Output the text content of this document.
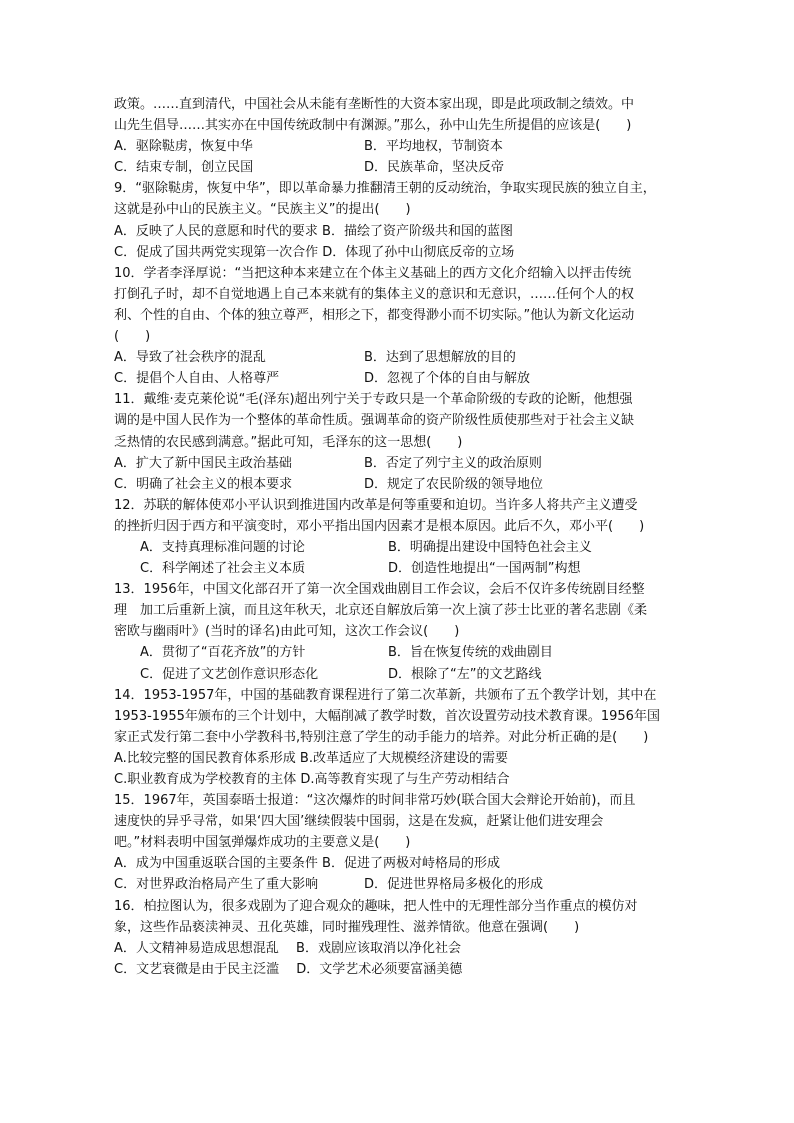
政策。……直到清代，中国社会从未能有垄断性的大资本家出现，即是此项政制之绩效。中
山先生倡导……其实亦在中国传统政制中有渊源。”那么，孙中山先生所提倡的应该是(　　)
A．驱除鞑虏，恢复中华	B．平均地权，节制资本
C．结束专制，创立民国	D．民族革命，坚决反帝
9．“驱除鞑虏，恢复中华”，即以革命暴力推翻清王朝的反动统治，争取实现民族的独立自主，
这就是孙中山的民族主义。“民族主义”的提出(　　)
A．反映了人民的意愿和时代的要求 B．描绘了资产阶级共和国的蓝图
C．促成了国共两党实现第一次合作 D．体现了孙中山彻底反帝的立场
10．学者李泽厚说：“当把这种本来建立在个体主义基础上的西方文化介绍输入以抨击传统
打倒孔子时，却不自觉地遇上自己本来就有的集体主义的意识和无意识，……任何个人的权
利、个性的自由、个体的独立尊严，相形之下，都变得渺小而不切实际。”他认为新文化运动
(　　)
A．导致了社会秩序的混乱	B．达到了思想解放的目的
C．提倡个人自由、人格尊严	D．忽视了个体的自由与解放
11．戴维·麦克莱伦说“毛(泽东)超出列宁关于专政只是一个革命阶级的专政的论断，他想强
调的是中国人民作为一个整体的革命性质。强调革命的资产阶级性质使那些对于社会主义缺
乏热情的农民感到满意。”据此可知，毛泽东的这一思想(　　)
A．扩大了新中国民主政治基础	B．否定了列宁主义的政治原则
C．明确了社会主义的根本要求	D．规定了农民阶级的领导地位
12．苏联的解体使邓小平认识到推进国内改革是何等重要和迫切。当许多人将共产主义遭受
的挫折归因于西方和平演变时，邓小平指出国内因素才是根本原因。此后不久，邓小平(　　)
A．支持真理标准问题的讨论	B．明确提出建设中国特色社会主义
C．科学阐述了社会主义本质	D．创造性地提出“一国两制”构想
13．1956年，中国文化部召开了第一次全国戏曲剧目工作会议，会后不仅许多传统剧目经整
理　加工后重新上演，而且这年秋天，北京还自解放后第一次上演了莎士比亚的著名悲剧《柔
密欧与幽雨叶》(当时的译名)由此可知，这次工作会议(　　)
A．贯彻了“百花齐放”的方针	B．旨在恢复传统的戏曲剧目
C．促进了文艺创作意识形态化	D．根除了“左”的文艺路线
14．1953-1957年，中国的基础教育课程进行了第二次革新，共颁布了五个教学计划，其中在
1953-1955年颁布的三个计划中，大幅削减了教学时数，首次设置劳动技术教育课。1956年国
家正式发行第二套中小学教科书,特别注意了学生的动手能力的培养。对此分析正确的是(　　)
A.比较完整的国民教育体系形成 B.改革适应了大规模经济建设的需要
C.职业教育成为学校教育的主体 D.高等教育实现了与生产劳动相结合
15．1967年，英国泰晤士报道：“这次爆炸的时间非常巧妙(联合国大会辩论开始前)，而且
速度快的异乎寻常，如果‘四大国’继续假装中国弱，这是在发疯，赶紧让他们进安理会
吧。”材料表明中国氢弹爆炸成功的主要意义是(　　)
A．成为中国重返联合国的主要条件 B．促进了两极对峙格局的形成
C．对世界政治格局产生了重大影响	D．促进世界格局多极化的形成
16．柏拉图认为，很多戏剧为了迎合观众的趣味，把人性中的无理性部分当作重点的模仿对
象，这些作品亵渎神灵、丑化英雄，同时摧残理性、滋养情欲。他意在强调(　　)
A．人文精神易造成思想混乱　 B．戏剧应该取消以净化社会
C．文艺衰微是由于民主泛滥　 D．文学艺术必须要富涵美德
